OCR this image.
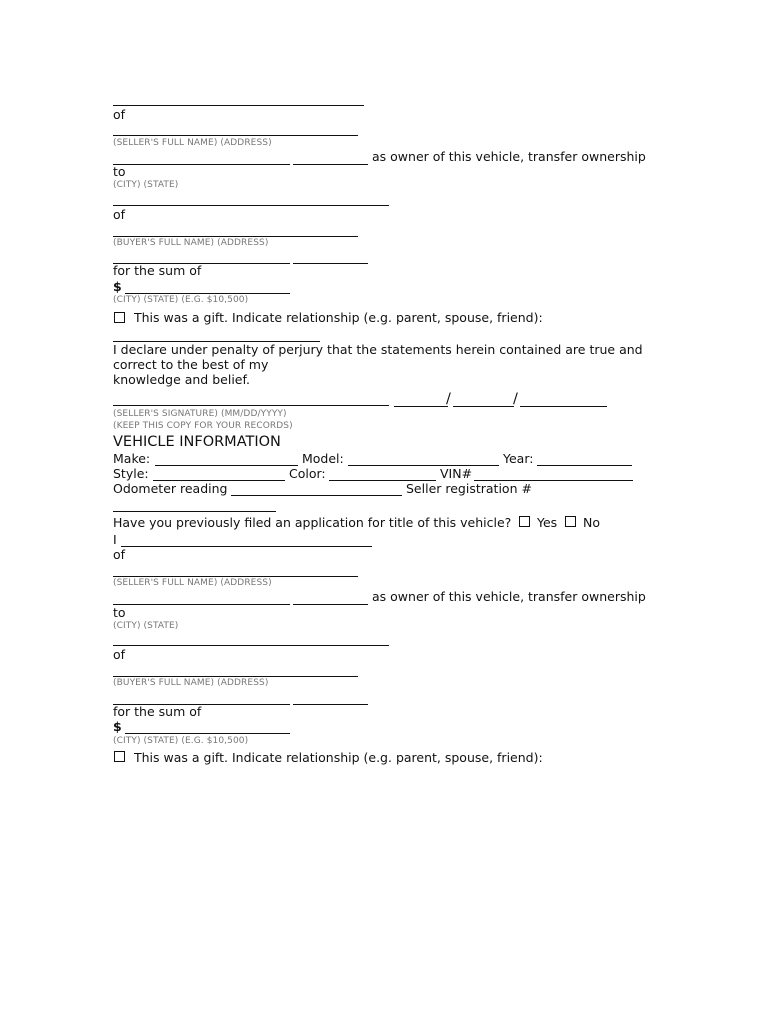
of
(SELLER'S FULL NAME) (ADDRESS)
as owner of this vehicle, transfer ownership
to
(CITY) (STATE)
of
(BUYER'S FULL NAME) (ADDRESS)
for the sum of
$
(CITY) (STATE) (E.G. $10,500)
This was a gift. Indicate relationship (e.g. parent, spouse, friend):
I declare under penalty of perjury that the statements herein contained are true and
correct to the best of my
knowledge and belief.
/	/
(SELLER'S SIGNATURE) (MM/DD/YYYY)
(KEEP THIS COPY FOR YOUR RECORDS)
VEHICLE INFORMATION
Make:	Model:	Year:
Style:	Color:	VIN#
Odometer reading	Seller registration #
Have you previously filed an application for title of this vehicle? Yes No
I
of
(SELLER'S FULL NAME) (ADDRESS)
as owner of this vehicle, transfer ownership
to
(CITY) (STATE)
of
(BUYER'S FULL NAME) (ADDRESS)
for the sum of
$
(CITY) (STATE) (E.G. $10,500)
This was a gift. Indicate relationship (e.g. parent, spouse, friend):
